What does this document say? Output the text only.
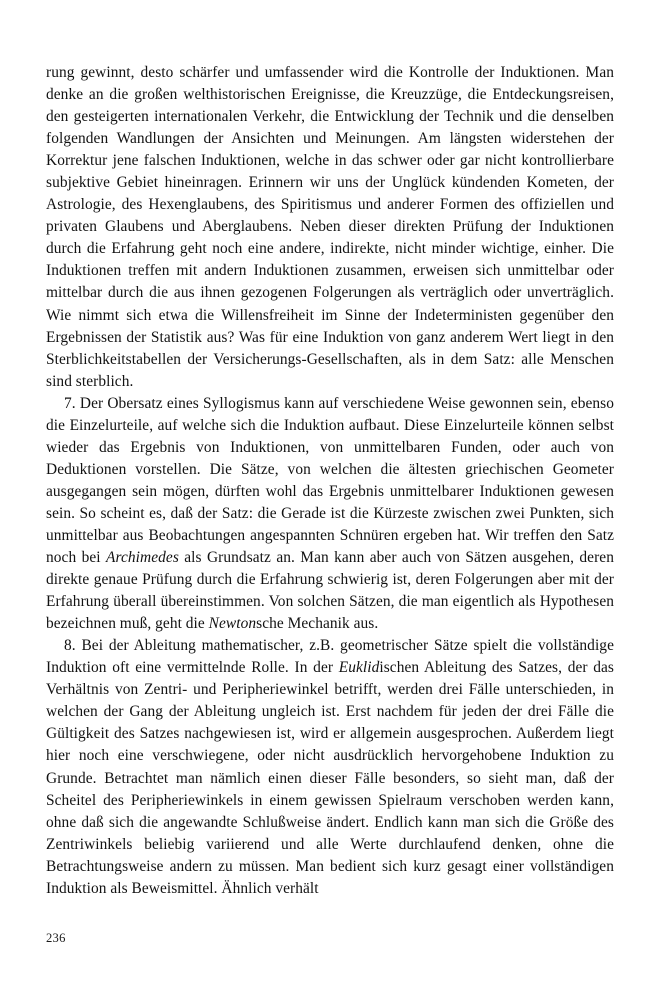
rung gewinnt, desto schärfer und umfassender wird die Kontrolle der Induktionen. Man denke an die großen welthistorischen Ereignisse, die Kreuzzüge, die Entdeckungsreisen, den gesteigerten internationalen Verkehr, die Entwicklung der Technik und die denselben folgenden Wandlungen der Ansichten und Meinungen. Am längsten widerstehen der Korrektur jene falschen Induktionen, welche in das schwer oder gar nicht kontrollierbare subjektive Gebiet hineinragen. Erinnern wir uns der Unglück kündenden Kometen, der Astrologie, des Hexenglaubens, des Spiritismus und anderer Formen des offiziellen und privaten Glaubens und Aberglaubens. Neben dieser direkten Prüfung der Induktionen durch die Erfahrung geht noch eine andere, indirekte, nicht minder wichtige, einher. Die Induktionen treffen mit andern Induktionen zusammen, erweisen sich unmittelbar oder mittelbar durch die aus ihnen gezogenen Folgerungen als verträglich oder unverträglich. Wie nimmt sich etwa die Willensfreiheit im Sinne der Indeterministen gegenüber den Ergebnissen der Statistik aus? Was für eine Induktion von ganz anderem Wert liegt in den Sterblichkeitstabellen der Versicherungs-Gesellschaften, als in dem Satz: alle Menschen sind sterblich.

7. Der Obersatz eines Syllogismus kann auf verschiedene Weise gewonnen sein, ebenso die Einzelurteile, auf welche sich die Induktion aufbaut. Diese Einzelurteile können selbst wieder das Ergebnis von Induktionen, von unmittelbaren Funden, oder auch von Deduktionen vorstellen. Die Sätze, von welchen die ältesten griechischen Geometer ausgegangen sein mögen, dürften wohl das Ergebnis unmittelbarer Induktionen gewesen sein. So scheint es, daß der Satz: die Gerade ist die Kürzeste zwischen zwei Punkten, sich unmittelbar aus Beobachtungen angespannten Schnüren ergeben hat. Wir treffen den Satz noch bei Archimedes als Grundsatz an. Man kann aber auch von Sätzen ausgehen, deren direkte genaue Prüfung durch die Erfahrung schwierig ist, deren Folgerungen aber mit der Erfahrung überall übereinstimmen. Von solchen Sätzen, die man eigentlich als Hypothesen bezeichnen muß, geht die Newtonsche Mechanik aus.

8. Bei der Ableitung mathematischer, z.B. geometrischer Sätze spielt die vollständige Induktion oft eine vermittelnde Rolle. In der Euklidischen Ableitung des Satzes, der das Verhältnis von Zentri- und Peripheriewinkel betrifft, werden drei Fälle unterschieden, in welchen der Gang der Ableitung ungleich ist. Erst nachdem für jeden der drei Fälle die Gültigkeit des Satzes nachgewiesen ist, wird er allgemein ausgesprochen. Außerdem liegt hier noch eine verschwiegene, oder nicht ausdrücklich hervorgehobene Induktion zu Grunde. Betrachtet man nämlich einen dieser Fälle besonders, so sieht man, daß der Scheitel des Peripheriewinkels in einem gewissen Spielraum verschoben werden kann, ohne daß sich die angewandte Schlußweise ändert. Endlich kann man sich die Größe des Zentriwinkels beliebig variierend und alle Werte durchlaufend denken, ohne die Betrachtungsweise andern zu müssen. Man bedient sich kurz gesagt einer vollständigen Induktion als Beweismittel. Ähnlich verhält

236
